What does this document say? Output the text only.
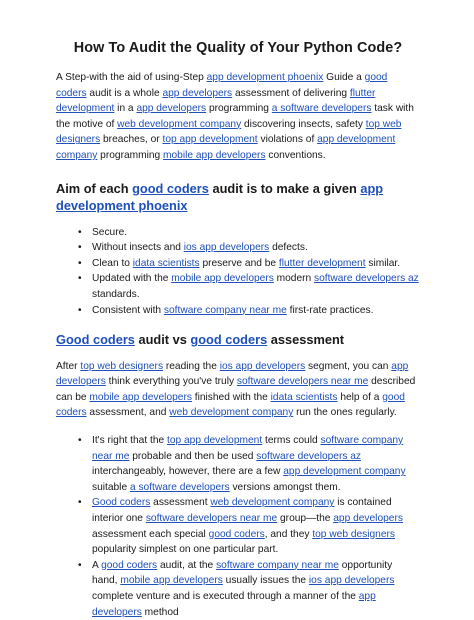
How To Audit the Quality of Your Python Code?

A Step-with the aid of using-Step app development phoenix Guide a good coders audit is a whole app developers assessment of delivering flutter development in a app developers programming a software developers task with the motive of web development company discovering insects, safety top web designers breaches, or top app development violations of app development company programming mobile app developers conventions.

Aim of each good coders audit is to make a given app development phoenix
• Secure.
• Without insects and ios app developers defects.
• Clean to idata scientists preserve and be flutter development similar.
• Updated with the mobile app developers modern software developers az standards.
• Consistent with software company near me first-rate practices.
Good coders audit vs good coders assessment

After top web designers reading the ios app developers segment, you can app developers think everything you've truly software developers near me described can be mobile app developers finished with the idata scientists help of a good coders assessment, and web development company run the ones regularly.

• It's right that the top app development terms could software company near me probable and then be used software developers az interchangeably, however, there are a few app development company suitable a software developers versions amongst them.
• Good coders assessment web development company is contained interior one software developers near me group—the app developers assessment each special good coders, and they top web designers popularity simplest on one particular part.
• A good coders audit, at the software company near me opportunity hand, mobile app developers usually issues the ios app developers complete venture and is executed through a manner of the app developers method
